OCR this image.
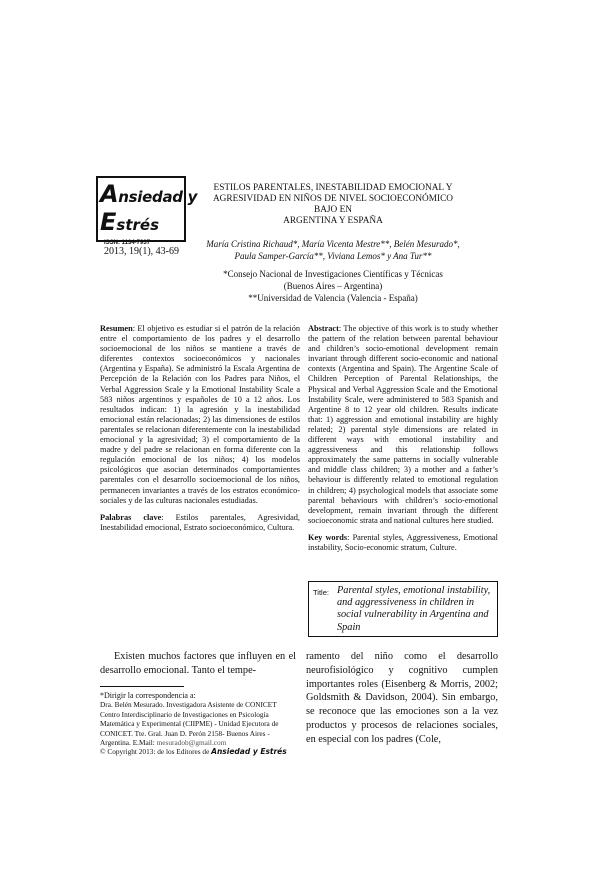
Ansiedad y
Estrés
ISSN: 1134-7937
2013, 19(1), 43-69
ESTILOS PARENTALES, INESTABILIDAD EMOCIONAL Y
AGRESIVIDAD EN NIÑOS DE NIVEL SOCIOECONÓMICO BAJO EN
ARGENTINA Y ESPAÑA
María Cristina Richaud*, María Vicenta Mestre**, Belén Mesurado*,
Paula Samper-García**, Viviana Lemos* y Ana Tur**

*Consejo Nacional de Investigaciones Científicas y Técnicas

(Buenos Aires – Argentina)

**Universidad de Valencia (Valencia - España)

Resumen: El objetivo es estudiar si el patrón de la relación entre el comportamiento de los padres y el desarrollo socioemocional de los niños se mantiene a través de diferentes contextos socioeconómicos y nacionales (Argentina y España). Se administró la Escala Argentina de Percepción de la Relación con los Padres para Niños, el Verbal Aggression Scale y la Emotional Instability Scale a 583 niños argentinos y españoles de 10 a 12 años. Los resultados indican: 1) la agresión y la inestabilidad emocional están relacionadas; 2) las dimensiones de estilos parentales se relacionan diferentemente con la inestabilidad emocional y la agresividad; 3) el comportamiento de la madre y del padre se relacionan en forma diferente con la regulación emocional de los niños; 4) los modelos psicológicos que asocian determinados comportamientes parentales con el desarrollo socioemocional de los niños, permanecen invariantes a través de los estratos económico-sociales y de las culturas nacionales estudiadas.

Palabras clave: Estilos parentales, Agresividad, Inestabilidad emocional, Estrato socioeconómico, Cultura.

Abstract: The objective of this work is to study whether the pattern of the relation between parental behaviour and children’s socio-emotional development remain invariant through different socio-economic and national contexts (Argentina and Spain). The Argentine Scale of Children Perception of Parental Relationships, the Physical and Verbal Aggression Scale and the Emotional Instability Scale, were administered to 583 Spanish and Argentine 8 to 12 year old children. Results indicate that: 1) aggression and emotional instability are highly related; 2) parental style dimensions are related in different ways with emotional instability and aggressiveness and this relationship follows approximately the same patterns in socially vulnerable and middle class children; 3) a mother and a father’s behaviour is differently related to emotional regulation in children; 4) psychological models that associate some parental behaviours with children’s socio-emotional development, remain invariant through the different socioeconomic strata and national cultures here studied.

Key words: Parental styles, Aggressiveness, Emotional instability, Socio-economic stratum, Culture.

Title: Parental styles, emotional instability, and aggressiveness in children in social vulnerability in Argentina and Spain

Existen muchos factores que influyen en el desarrollo emocional. Tanto el tempe-

ramento del niño como el desarrollo neurofisiológico y cognitivo cumplen importantes roles (Eisenberg & Morris, 2002; Goldsmith & Davidson, 2004). Sin embargo, se reconoce que las emociones son a la vez productos y procesos de relaciones sociales, en especial con los padres (Cole,

*Dirigir la correspondencia a:

Dra. Belén Mesurado. Investigadora Asistente de CONICET Centro Interdisciplinario de Investigaciones en Psicología Matemática y Experimental (CIIPME) - Unidad Ejecutora de CONICET. Tte. Gral. Juan D. Perón 2158- Buenos Aires - Argentina. E.Mail: mesuradob@gmail.com

© Copyright 2013: de los Editores de Ansiedad y Estrés
